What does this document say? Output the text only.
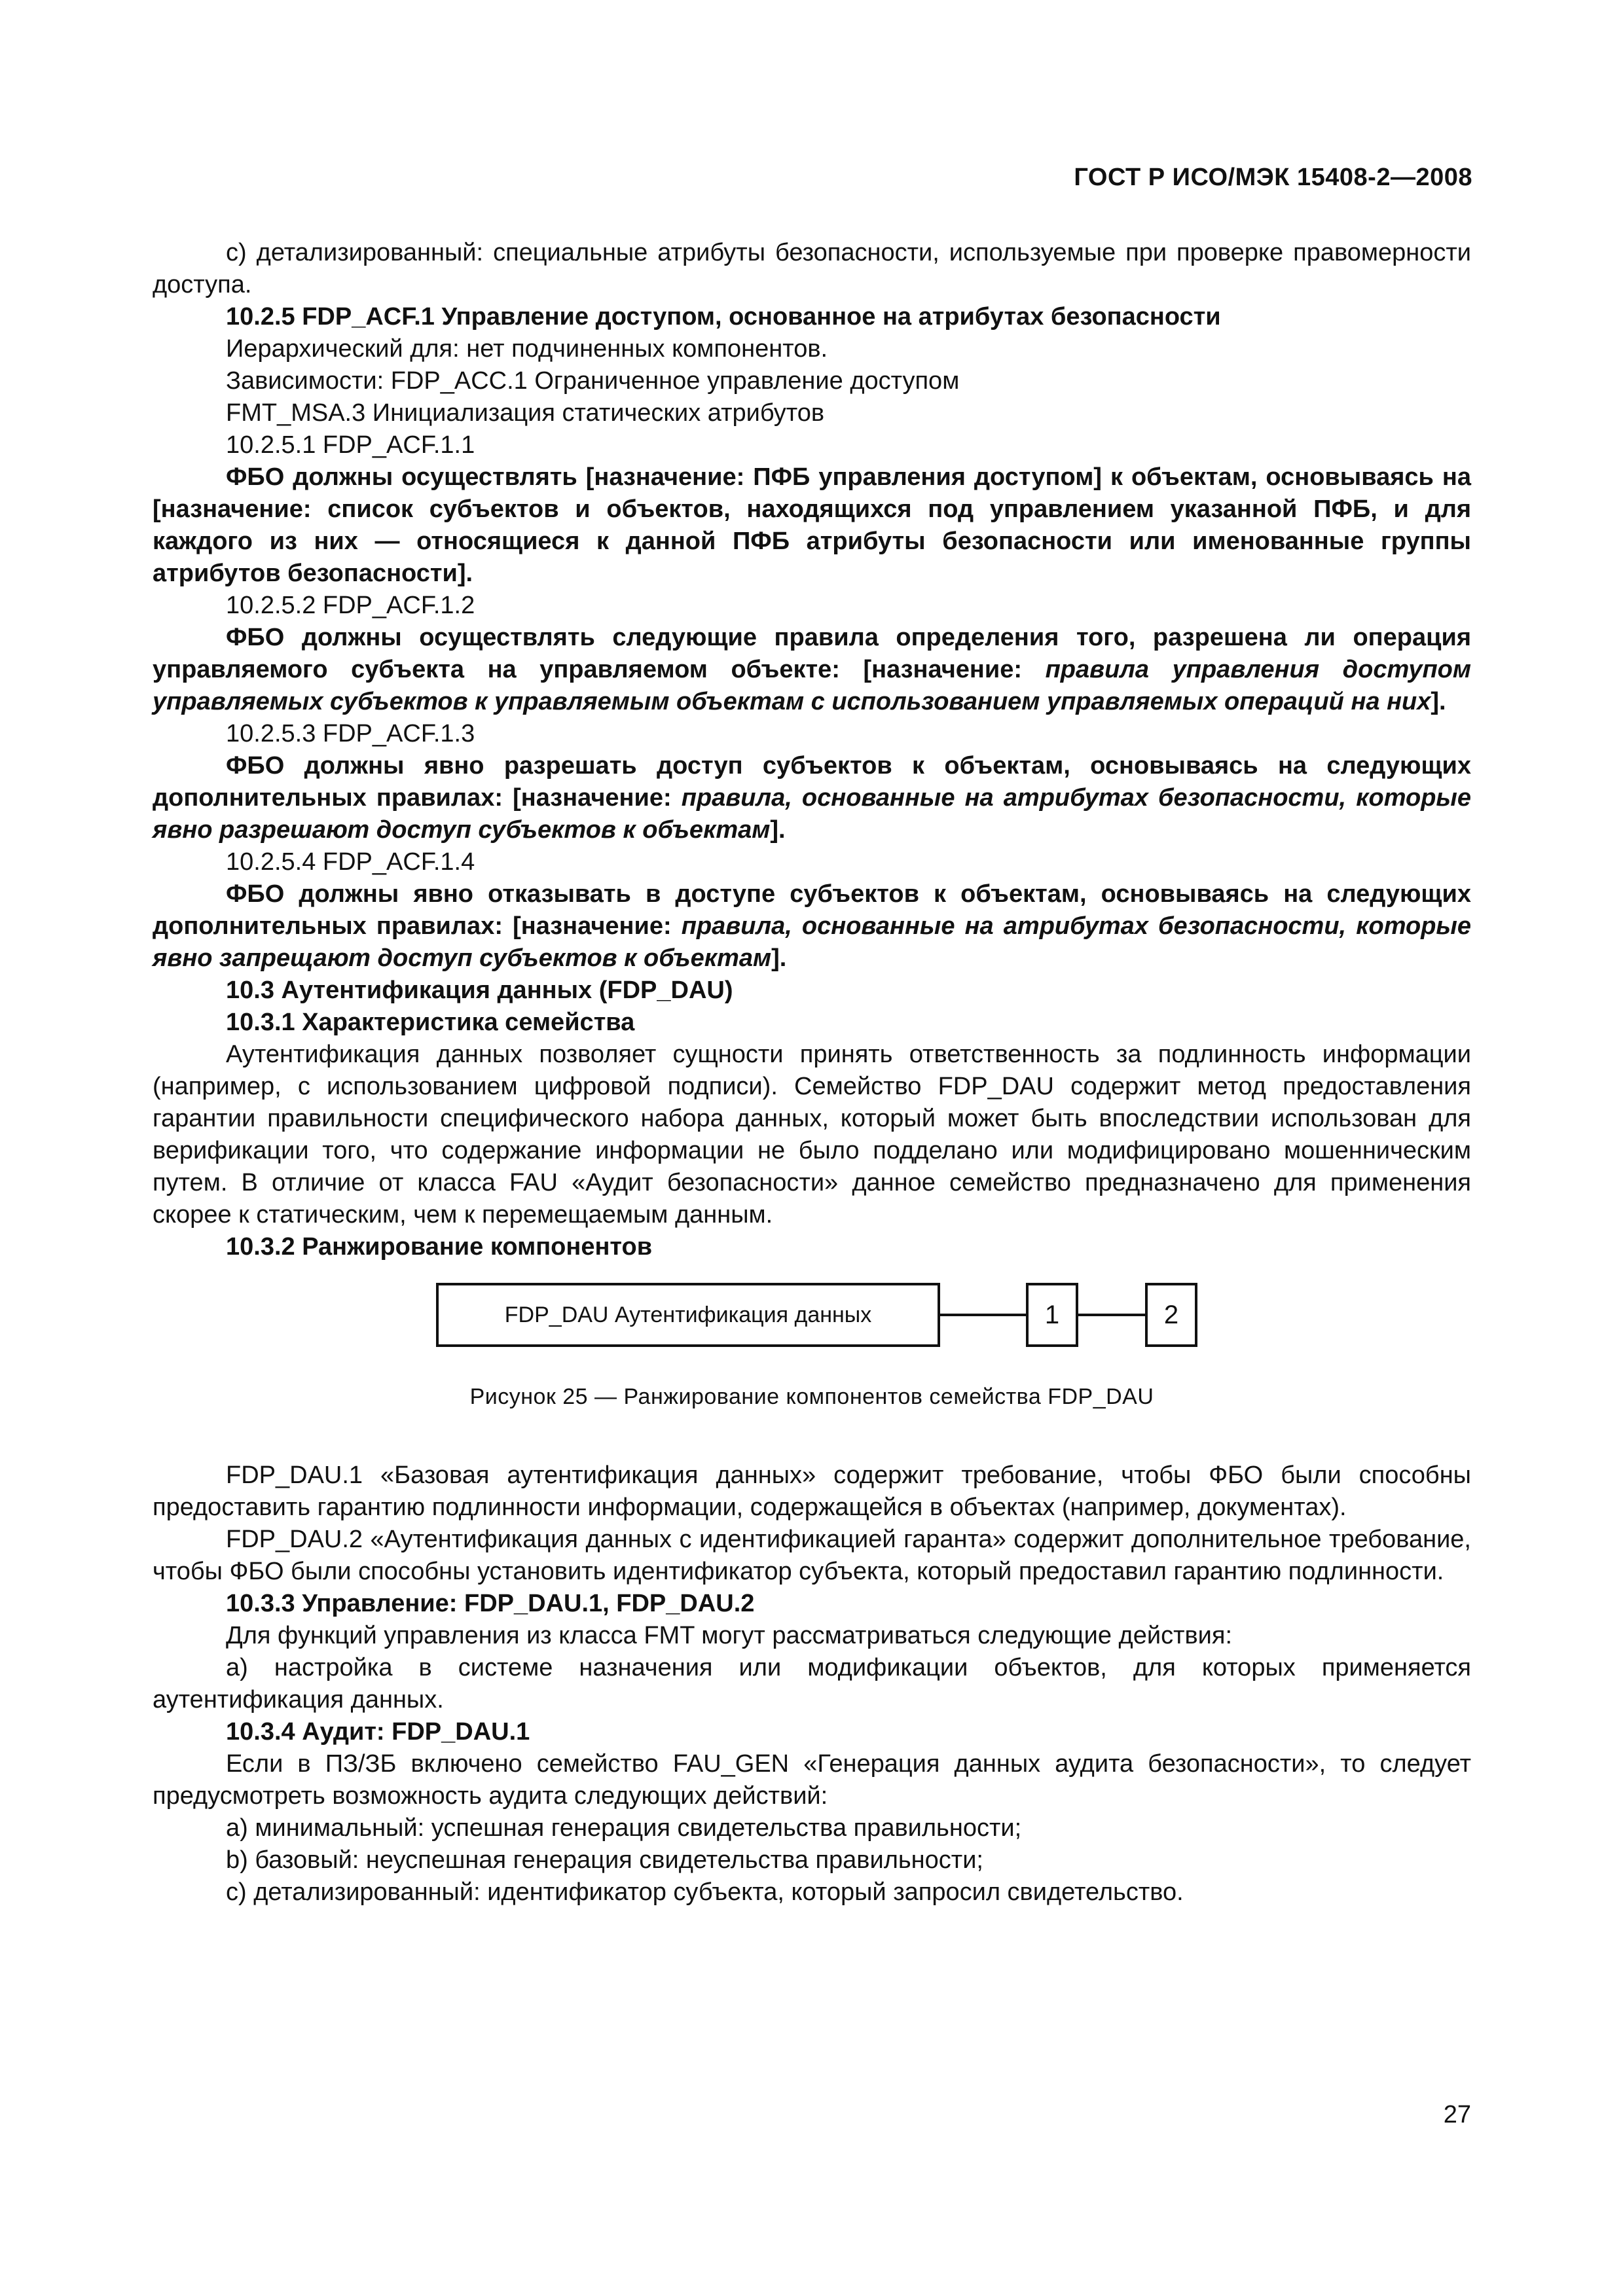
ГОСТ Р ИСО/МЭК 15408-2—2008

c) детализированный: специальные атрибуты безопасности, используемые при проверке правомерности доступа.

10.2.5 FDP_ACF.1 Управление доступом, основанное на атрибутах безопасности

Иерархический для: нет подчиненных компонентов.

Зависимости: FDP_ACC.1 Ограниченное управление доступом

FMT_MSA.3 Инициализация статических атрибутов

10.2.5.1 FDP_ACF.1.1

ФБО должны осуществлять [назначение: ПФБ управления доступом] к объектам, основываясь на [назначение: список субъектов и объектов, находящихся под управлением указанной ПФБ, и для каждого из них — относящиеся к данной ПФБ атрибуты безопасности или именованные группы атрибутов безопасности].

10.2.5.2 FDP_ACF.1.2

ФБО должны осуществлять следующие правила определения того, разрешена ли операция управляемого субъекта на управляемом объекте: [назначение: правила управления доступом управляемых субъектов к управляемым объектам с использованием управляемых операций на них].

10.2.5.3 FDP_ACF.1.3

ФБО должны явно разрешать доступ субъектов к объектам, основываясь на следующих дополнительных правилах: [назначение: правила, основанные на атрибутах безопасности, которые явно разрешают доступ субъектов к объектам].

10.2.5.4 FDP_ACF.1.4

ФБО должны явно отказывать в доступе субъектов к объектам, основываясь на следующих дополнительных правилах: [назначение: правила, основанные на атрибутах безопасности, которые явно запрещают доступ субъектов к объектам].

10.3 Аутентификация данных (FDP_DAU)

10.3.1 Характеристика семейства

Аутентификация данных позволяет сущности принять ответственность за подлинность информации (например, с использованием цифровой подписи). Семейство FDP_DAU содержит метод предоставления гарантии правильности специфического набора данных, который может быть впоследствии использован для верификации того, что содержание информации не было подделано или модифицировано мошенническим путем. В отличие от класса FAU «Аудит безопасности» данное семейство предназначено для применения скорее к статическим, чем к перемещаемым данным.

10.3.2 Ранжирование компонентов

FDP_DAU Аутентификация данных	1	2
Рисунок 25 — Ранжирование компонентов семейства FDP_DAU

FDP_DAU.1 «Базовая аутентификация данных» содержит требование, чтобы ФБО были способны предоставить гарантию подлинности информации, содержащейся в объектах (например, документах).

FDP_DAU.2 «Аутентификация данных с идентификацией гаранта» содержит дополнительное требование, чтобы ФБО были способны установить идентификатор субъекта, который предоставил гарантию подлинности.

10.3.3 Управление: FDP_DAU.1, FDP_DAU.2

Для функций управления из класса FMT могут рассматриваться следующие действия:

a) настройка в системе назначения или модификации объектов, для которых применяется аутентификация данных.

10.3.4 Аудит: FDP_DAU.1

Если в ПЗ/ЗБ включено семейство FAU_GEN «Генерация данных аудита безопасности», то следует предусмотреть возможность аудита следующих действий:

a) минимальный: успешная генерация свидетельства правильности;

b) базовый: неуспешная генерация свидетельства правильности;

c) детализированный: идентификатор субъекта, который запросил свидетельство.

27
